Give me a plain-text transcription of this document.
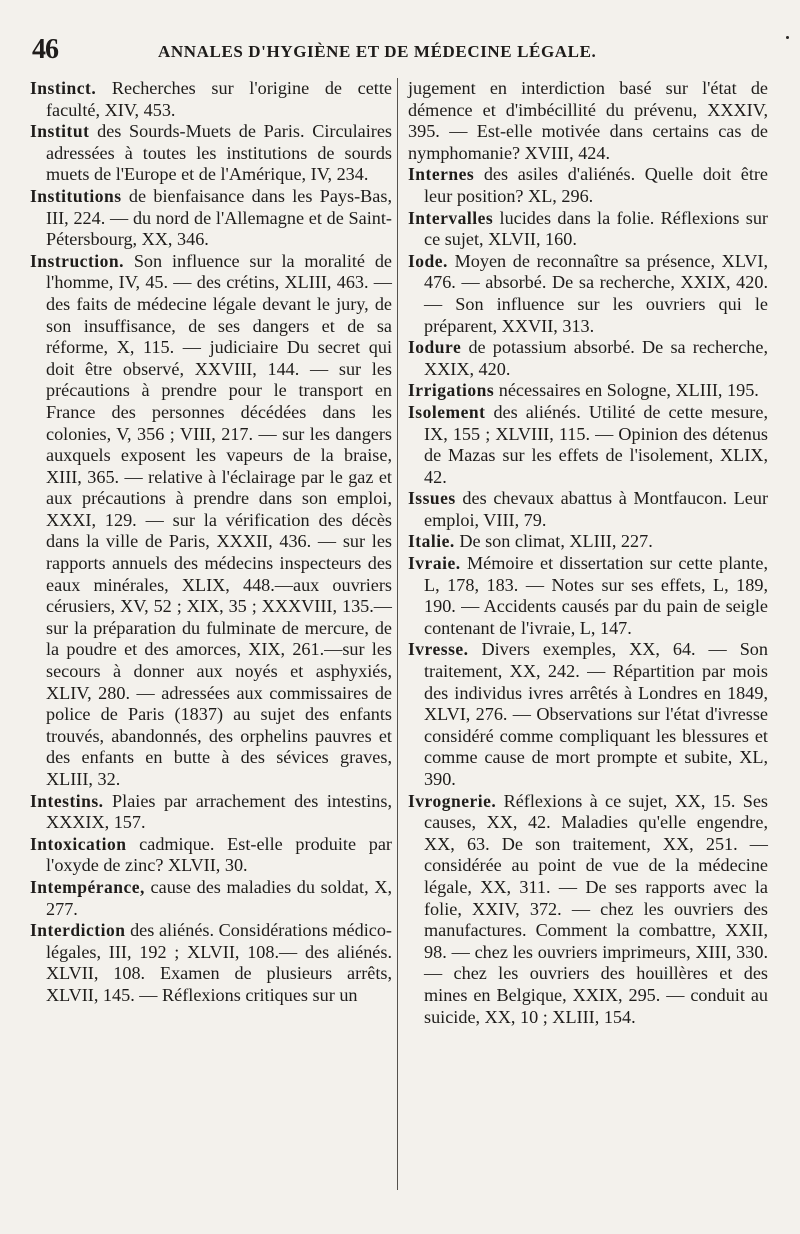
46	ANNALES D'HYGIÈNE ET DE MÉDECINE LÉGALE.

Instinct. Recherches sur l'origine de cette faculté, XIV, 453.

Institut des Sourds-Muets de Paris. Circulaires adressées à toutes les institutions de sourds muets de l'Europe et de l'Amérique, IV, 234.

Institutions de bienfaisance dans les Pays-Bas, III, 224. — du nord de l'Allemagne et de Saint-Pétersbourg, XX, 346.

Instruction. Son influence sur la moralité de l'homme, IV, 45. — des crétins, XLIII, 463. — des faits de médecine légale devant le jury, de son insuffisance, de ses dangers et de sa réforme, X, 115. — judiciaire Du secret qui doit être observé, XXVIII, 144. — sur les précautions à prendre pour le transport en France des personnes décédées dans les colonies, V, 356 ; VIII, 217. — sur les dangers auxquels exposent les vapeurs de la braise, XIII, 365. — relative à l'éclairage par le gaz et aux précautions à prendre dans son emploi, XXXI, 129. — sur la vérification des décès dans la ville de Paris, XXXII, 436. — sur les rapports annuels des médecins inspecteurs des eaux minérales, XLIX, 448.—aux ouvriers cérusiers, XV, 52 ; XIX, 35 ; XXXVIII, 135.—sur la préparation du fulminate de mercure, de la poudre et des amorces, XIX, 261.—sur les secours à donner aux noyés et asphyxiés, XLIV, 280. — adressées aux commissaires de police de Paris (1837) au sujet des enfants trouvés, abandonnés, des orphelins pauvres et des enfants en butte à des sévices graves, XLIII, 32.

Intestins. Plaies par arrachement des intestins, XXXIX, 157.

Intoxication cadmique. Est-elle produite par l'oxyde de zinc? XLVII, 30.

Intempérance, cause des maladies du soldat, X, 277.

Interdiction des aliénés. Considérations médico-légales, III, 192 ; XLVII, 108.— des aliénés. XLVII, 108. Examen de plusieurs arrêts, XLVII, 145. — Réflexions critiques sur un

jugement en interdiction basé sur l'état de démence et d'imbécillité du prévenu, XXXIV, 395. — Est-elle motivée dans certains cas de nymphomanie? XVIII, 424.

Internes des asiles d'aliénés. Quelle doit être leur position? XL, 296.

Intervalles lucides dans la folie. Réflexions sur ce sujet, XLVII, 160.

Iode. Moyen de reconnaître sa présence, XLVI, 476. — absorbé. De sa recherche, XXIX, 420. — Son influence sur les ouvriers qui le préparent, XXVII, 313.

Iodure de potassium absorbé. De sa recherche, XXIX, 420.

Irrigations nécessaires en Sologne, XLIII, 195.

Isolement des aliénés. Utilité de cette mesure, IX, 155 ; XLVIII, 115. — Opinion des détenus de Mazas sur les effets de l'isolement, XLIX, 42.

Issues des chevaux abattus à Montfaucon. Leur emploi, VIII, 79.

Italie. De son climat, XLIII, 227.

Ivraie. Mémoire et dissertation sur cette plante, L, 178, 183. — Notes sur ses effets, L, 189, 190. — Accidents causés par du pain de seigle contenant de l'ivraie, L, 147.

Ivresse. Divers exemples, XX, 64. — Son traitement, XX, 242. — Répartition par mois des individus ivres arrêtés à Londres en 1849, XLVI, 276. — Observations sur l'état d'ivresse considéré comme compliquant les blessures et comme cause de mort prompte et subite, XL, 390.

Ivrognerie. Réflexions à ce sujet, XX, 15. Ses causes, XX, 42. Maladies qu'elle engendre, XX, 63. De son traitement, XX, 251. — considérée au point de vue de la médecine légale, XX, 311. — De ses rapports avec la folie, XXIV, 372. — chez les ouvriers des manufactures. Comment la combattre, XXII, 98. — chez les ouvriers imprimeurs, XIII, 330. — chez les ouvriers des houillères et des mines en Belgique, XXIX, 295. — conduit au suicide, XX, 10 ; XLIII, 154.
